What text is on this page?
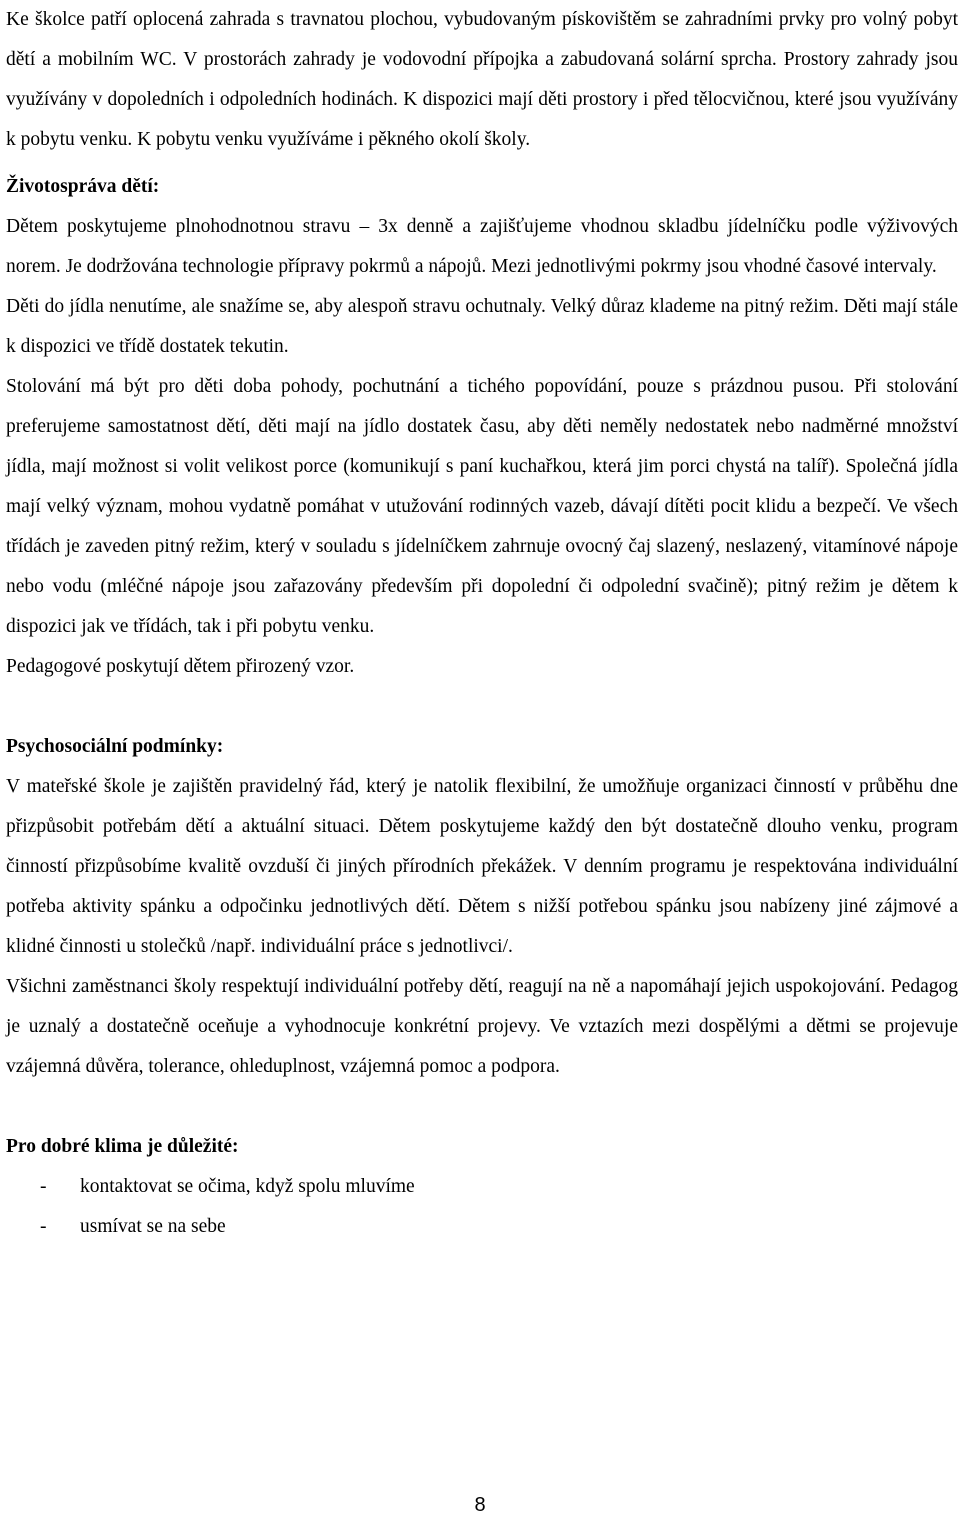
Ke školce patří oplocená zahrada s travnatou plochou, vybudovaným pískovištěm se zahradními prvky pro volný pobyt dětí a mobilním WC. V prostorách zahrady je vodovodní přípojka a zabudovaná solární sprcha. Prostory zahrady jsou využívány v dopoledních i odpoledních hodinách. K dispozici mají děti prostory i před tělocvičnou, které jsou využívány k pobytu venku. K pobytu venku využíváme i pěkného okolí školy.

Životospráva dětí:

Dětem poskytujeme plnohodnotnou stravu – 3x denně a zajišťujeme vhodnou skladbu jídelníčku podle výživových norem. Je dodržována technologie přípravy pokrmů a nápojů. Mezi jednotlivými pokrmy jsou vhodné časové intervaly.

Děti do jídla nenutíme, ale snažíme se, aby alespoň stravu ochutnaly. Velký důraz klademe na pitný režim. Děti mají stále k dispozici ve třídě dostatek tekutin.

Stolování má být pro děti doba pohody, pochutnání a tichého popovídání, pouze s prázdnou pusou. Při stolování preferujeme samostatnost dětí, děti mají na jídlo dostatek času, aby děti neměly nedostatek nebo nadměrné množství jídla, mají možnost si volit velikost porce (komunikují s paní kuchařkou, která jim porci chystá na talíř). Společná jídla mají velký význam, mohou vydatně pomáhat v utužování rodinných vazeb, dávají dítěti pocit klidu a bezpečí. Ve všech třídách je zaveden pitný režim, který v souladu s jídelníčkem zahrnuje ovocný čaj slazený, neslazený, vitamínové nápoje nebo vodu (mléčné nápoje jsou zařazovány především při dopolední či odpolední svačině); pitný režim je dětem k dispozici jak ve třídách, tak i při pobytu venku.

Pedagogové poskytují dětem přirozený vzor.

Psychosociální podmínky:

V mateřské škole je zajištěn pravidelný řád, který je natolik flexibilní, že umožňuje organizaci činností v průběhu dne přizpůsobit potřebám dětí a aktuální situaci. Dětem poskytujeme každý den být dostatečně dlouho venku, program činností přizpůsobíme kvalitě ovzduší či jiných přírodních překážek. V denním programu je respektována individuální potřeba aktivity spánku a odpočinku jednotlivých dětí. Dětem s nižší potřebou spánku jsou nabízeny jiné zájmové a klidné činnosti u stolečků /např. individuální práce s jednotlivci/.

Všichni zaměstnanci školy respektují individuální potřeby dětí, reagují na ně a napomáhají jejich uspokojování. Pedagog je uznalý a dostatečně oceňuje a vyhodnocuje konkrétní projevy. Ve vztazích mezi dospělými a dětmi se projevuje vzájemná důvěra, tolerance, ohleduplnost, vzájemná pomoc a podpora.

Pro dobré klima je důležité:
- kontaktovat se očima, když spolu mluvíme
- usmívat se na sebe
8
